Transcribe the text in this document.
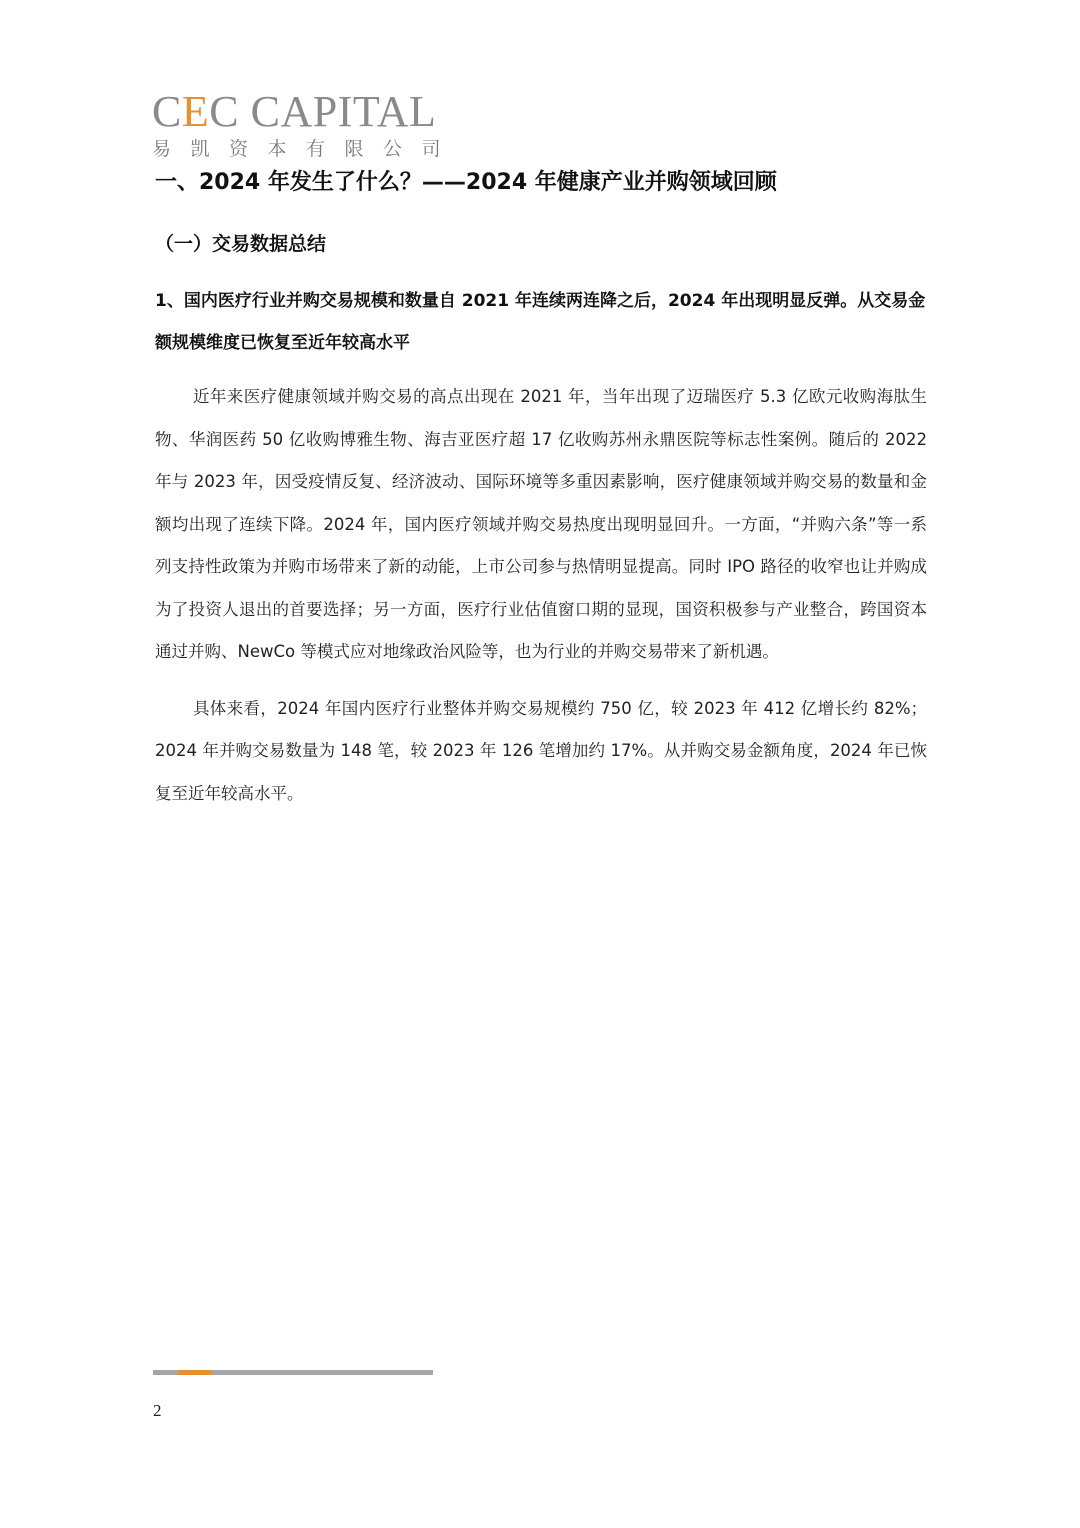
CEC CAPITAL
易凯资本有限公司
一、2024 年发生了什么？——2024 年健康产业并购领域回顾
（一）交易数据总结
1、国内医疗行业并购交易规模和数量自 2021 年连续两连降之后，2024 年出现明显反弹。从交易金额规模维度已恢复至近年较高水平

近年来医疗健康领域并购交易的高点出现在 2021 年，当年出现了迈瑞医疗 5.3 亿欧元收购海肽生物、华润医药 50 亿收购博雅生物、海吉亚医疗超 17 亿收购苏州永鼎医院等标志性案例。随后的 2022 年与 2023 年，因受疫情反复、经济波动、国际环境等多重因素影响，医疗健康领域并购交易的数量和金额均出现了连续下降。2024 年，国内医疗领域并购交易热度出现明显回升。一方面，“并购六条”等一系列支持性政策为并购市场带来了新的动能，上市公司参与热情明显提高。同时 IPO 路径的收窄也让并购成为了投资人退出的首要选择；另一方面，医疗行业估值窗口期的显现，国资积极参与产业整合，跨国资本通过并购、NewCo 等模式应对地缘政治风险等，也为行业的并购交易带来了新机遇。

具体来看，2024 年国内医疗行业整体并购交易规模约 750 亿，较 2023 年 412 亿增长约 82%；2024 年并购交易数量为 148 笔，较 2023 年 126 笔增加约 17%。从并购交易金额角度，2024 年已恢复至近年较高水平。

2
